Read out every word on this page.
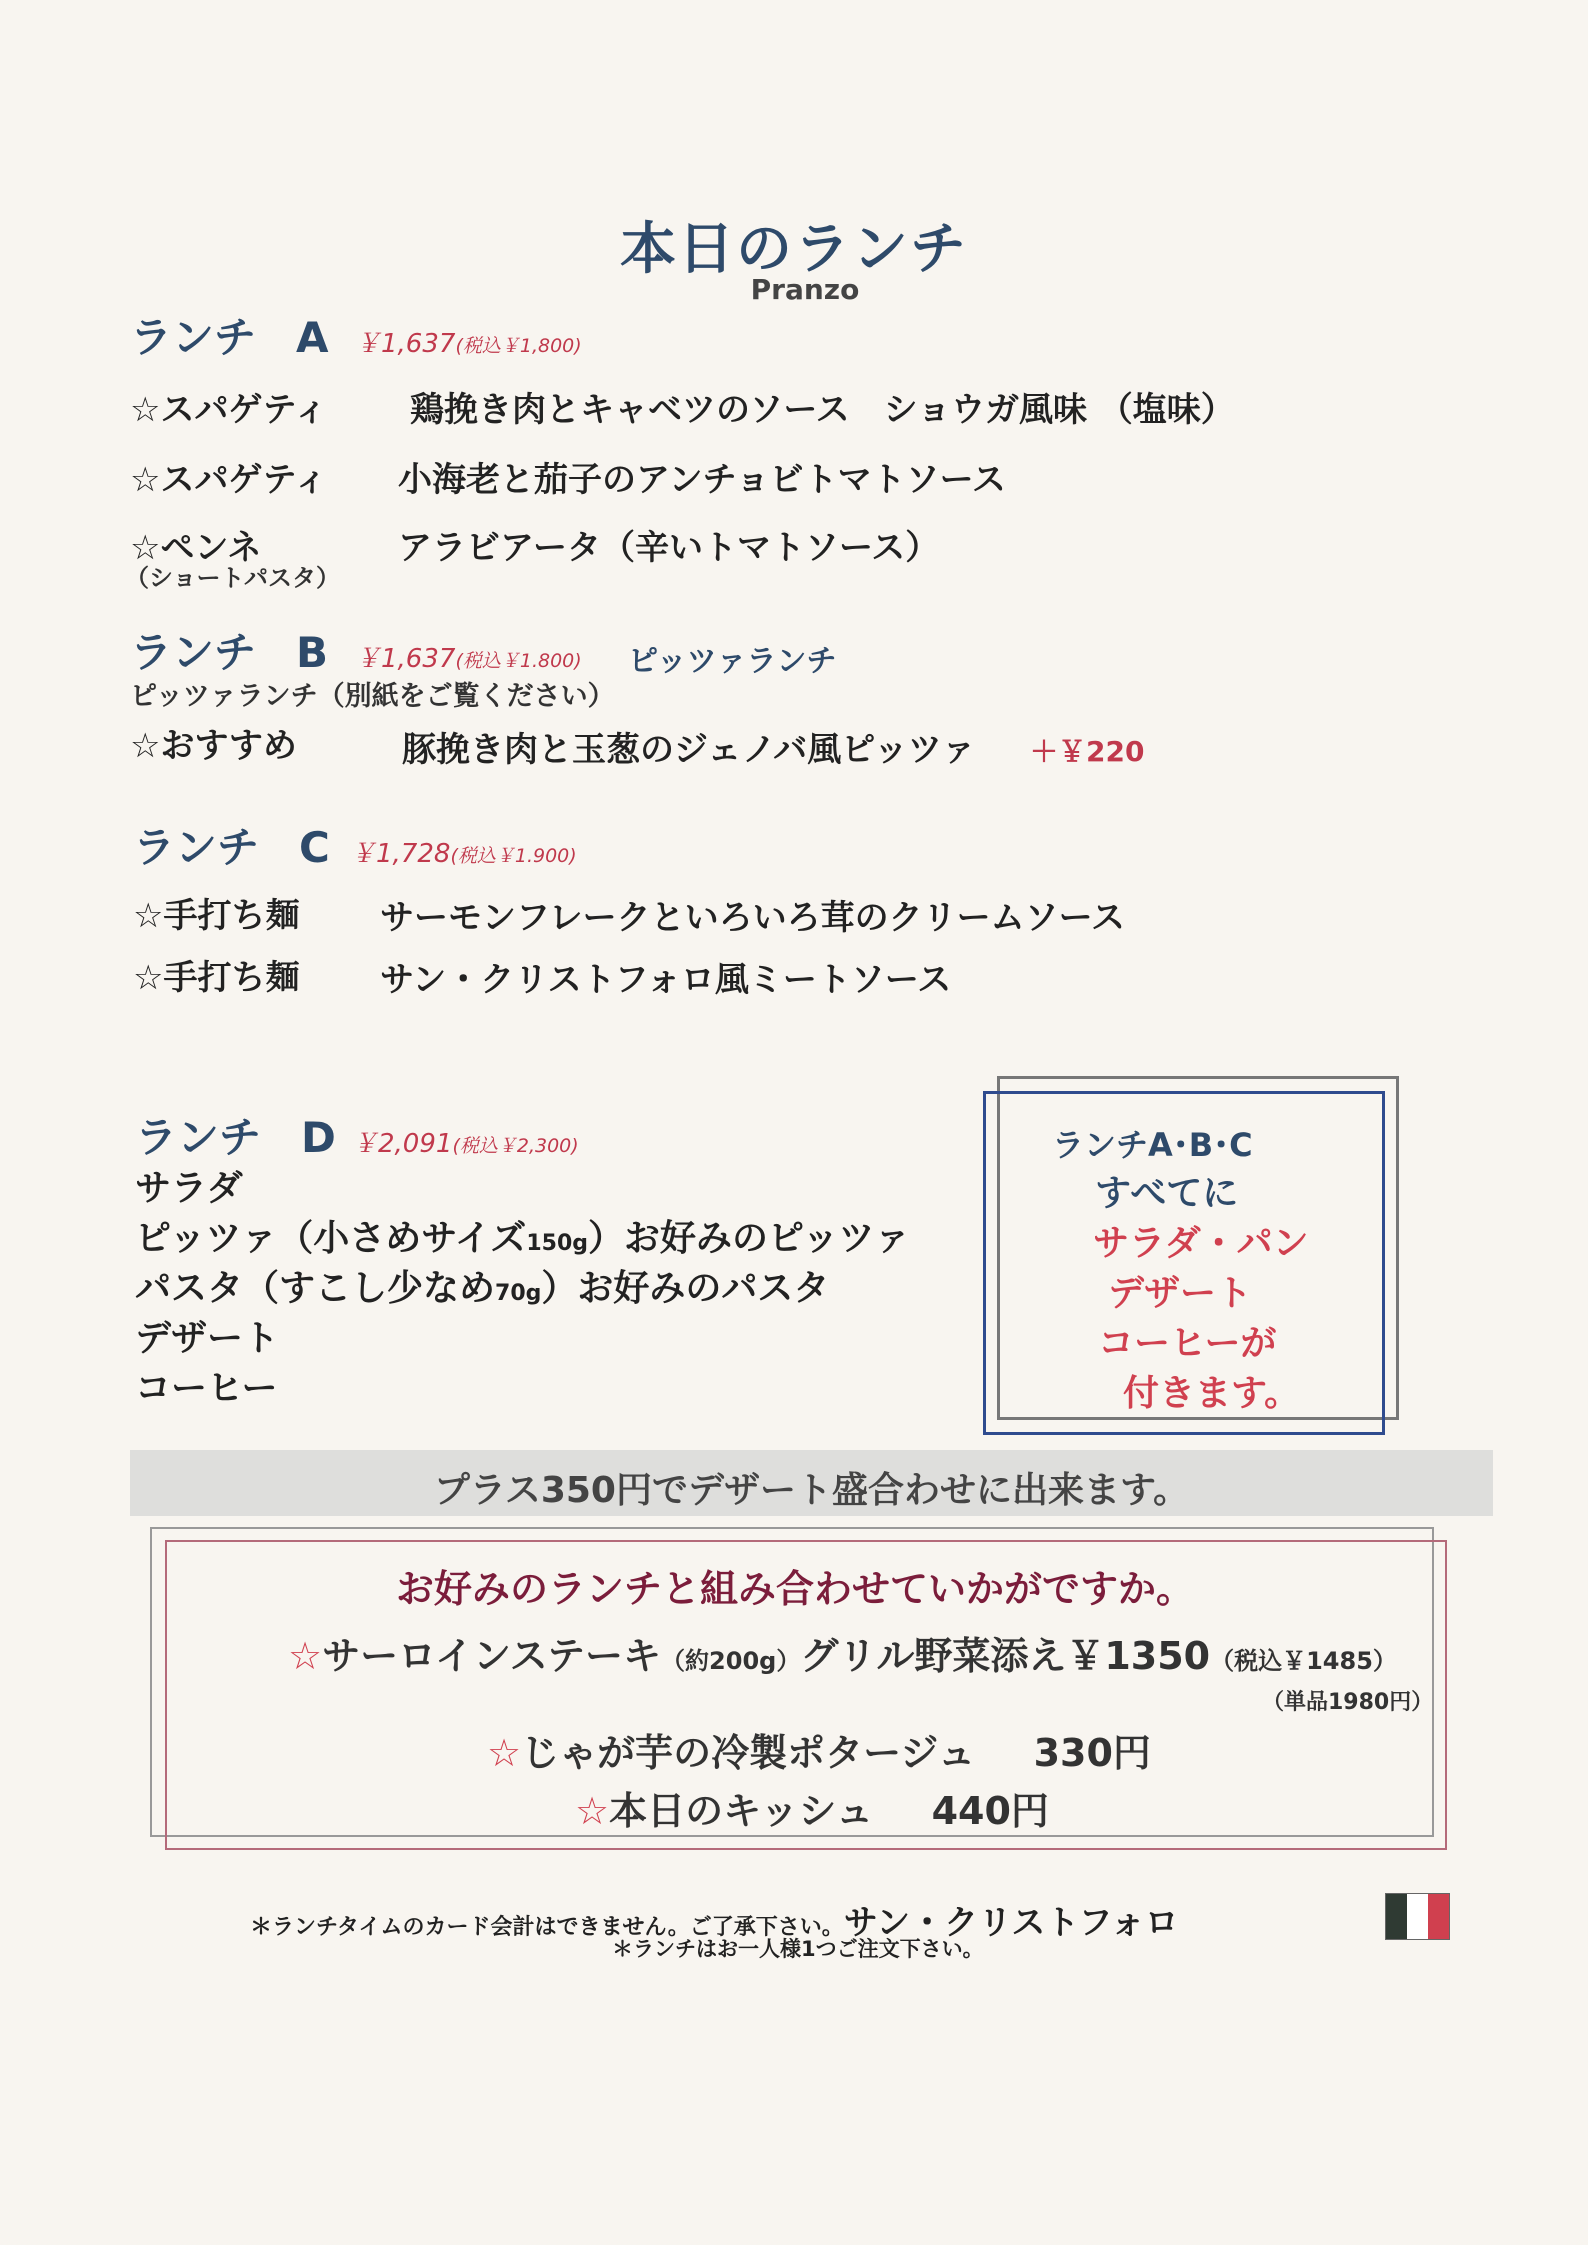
本日のランチ
Pranzo
ランチ A ￥1,637(税込￥1,800)
☆スパゲティ 鶏挽き肉とキャベツのソース　ショウガ風味 （塩味）
☆スパゲティ 小海老と茄子のアンチョビトマトソース
☆ペンネ
（ショートパスタ）
アラビアータ（辛いトマトソース）
ランチ B ￥1,637(税込￥1.800) ピッツァランチ
ピッツァランチ（別紙をご覧ください）
☆おすすめ	豚挽き肉と玉葱のジェノバ風ピッツァ ＋￥220
ランチ C ￥1,728(税込￥1.900)
☆手打ち麺 サーモンフレークといろいろ茸のクリームソース
☆手打ち麺 サン・クリストフォロ風ミートソース
ランチ D ￥2,091(税込￥2,300)
サラダ
ピッツァ（小さめサイズ150g）お好みのピッツァ
パスタ（すこし少なめ70g）お好みのパスタ
デザート
コーヒー
ランチA･B･C
すべてに
サラダ・パン
デザート
コーヒーが
付きます。
プラス350円でデザート盛合わせに出来ます。
お好みのランチと組み合わせていかがですか。
☆サーロインステーキ（約200g）グリル野菜添え￥1350（税込￥1485）
（単品1980円）
☆じゃが芋の冷製ポタージュ 330円
☆本日のキッシュ 440円
＊ランチタイムのカード会計はできません。ご了承下さい。サン・クリストフォロ
＊ランチはお一人様1つご注文下さい。
